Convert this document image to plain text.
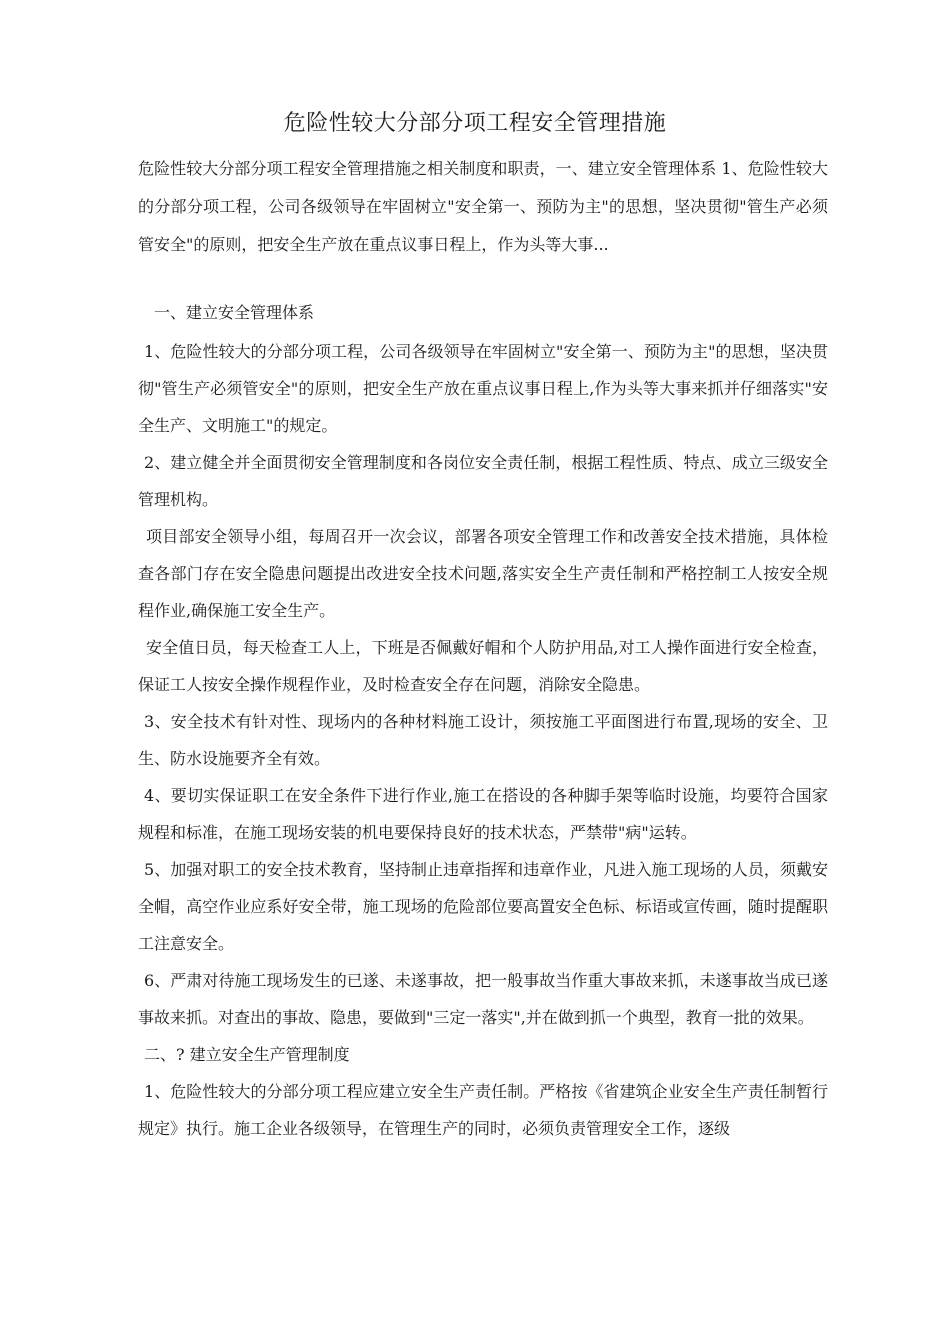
危险性较大分部分项工程安全管理措施

危险性较大分部分项工程安全管理措施之相关制度和职责，一、建立安全管理体系 1、危险性较大的分部分项工程，公司各级领导在牢固树立"安全第一、预防为主"的思想，坚决贯彻"管生产必须管安全"的原则，把安全生产放在重点议事日程上，作为头等大事...

一、建立安全管理体系

1、危险性较大的分部分项工程，公司各级领导在牢固树立"安全第一、预防为主"的思想，坚决贯彻"管生产必须管安全"的原则，把安全生产放在重点议事日程上,作为头等大事来抓并仔细落实"安全生产、文明施工"的规定。

2、建立健全并全面贯彻安全管理制度和各岗位安全责任制，根据工程性质、特点、成立三级安全管理机构。

项目部安全领导小组，每周召开一次会议，部署各项安全管理工作和改善安全技术措施，具体检查各部门存在安全隐患问题提出改进安全技术问题,落实安全生产责任制和严格控制工人按安全规程作业,确保施工安全生产。

安全值日员，每天检查工人上，下班是否佩戴好帽和个人防护用品,对工人操作面进行安全检查，保证工人按安全操作规程作业，及时检查安全存在问题，消除安全隐患。

3、安全技术有针对性、现场内的各种材料施工设计，须按施工平面图进行布置,现场的安全、卫生、防水设施要齐全有效。

4、要切实保证职工在安全条件下进行作业,施工在搭设的各种脚手架等临时设施，均要符合国家规程和标准，在施工现场安装的机电要保持良好的技术状态，严禁带"病"运转。

5、加强对职工的安全技术教育，坚持制止违章指挥和违章作业，凡进入施工现场的人员，须戴安全帽，高空作业应系好安全带，施工现场的危险部位要高置安全色标、标语或宣传画，随时提醒职工注意安全。

6、严肃对待施工现场发生的已遂、未遂事故，把一般事故当作重大事故来抓，未遂事故当成已遂事故来抓。对查出的事故、隐患，要做到"三定一落实",并在做到抓一个典型，教育一批的效果。

二、? 建立安全生产管理制度

1、危险性较大的分部分项工程应建立安全生产责任制。严格按《省建筑企业安全生产责任制暂行规定》执行。施工企业各级领导，在管理生产的同时，必须负责管理安全工作，逐级
